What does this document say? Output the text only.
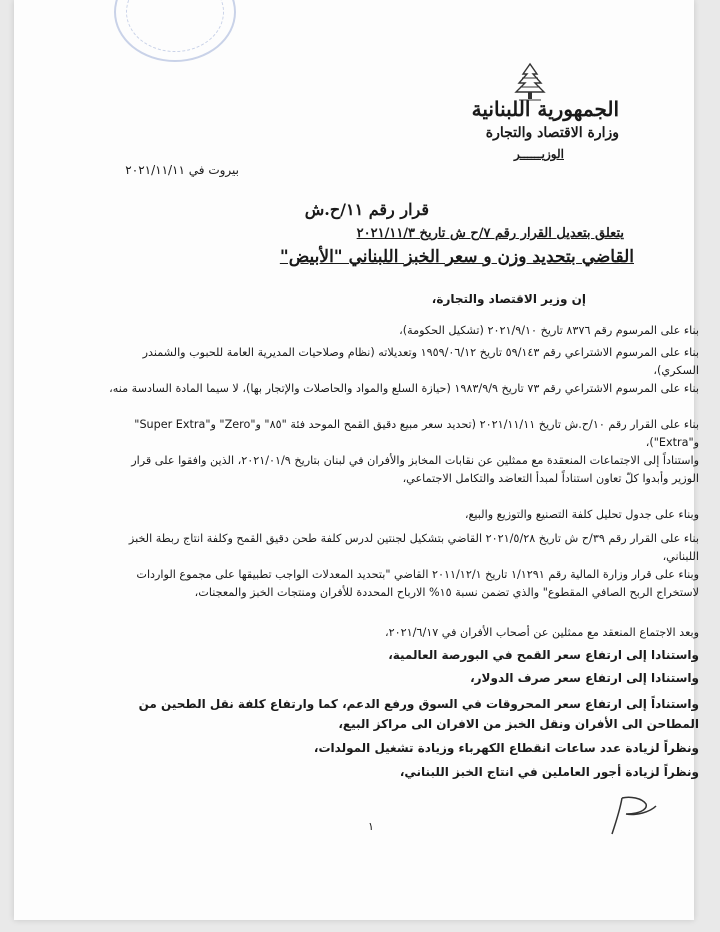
الجمهورية اللبنانية
وزارة الاقتصاد والتجارة
الوزيــــــر
بيروت في ٢٠٢١/١١/١١
قرار رقم ١١/ح.ش
يتعلق بتعديل القرار رقم ٧/ح ش تاريخ ٢٠٢١/١١/٣
القاضي بتحديد وزن و سعر الخبز اللبناني "الأبيض"
إن وزير الاقتصاد والتجارة،
بناء على المرسوم رقم ٨٣٧٦ تاريخ ٢٠٢١/٩/١٠ (تشكيل الحكومة)،
بناء على المرسوم الاشتراعي رقم ٥٩/١٤٣ تاريخ ١٩٥٩/٠٦/١٢ وتعديلاته (نظام وصلاحيات المديرية العامة للحبوب والشمندر السكري)،
بناء على المرسوم الاشتراعي رقم ٧٣ تاريخ ١٩٨٣/٩/٩ (حيازة السلع والمواد والحاصلات والإتجار بها)، لا سيما المادة السادسة منه،
بناء على القرار رقم ١٠/ح.ش تاريخ ٢٠٢١/١١/١١ (تحديد سعر مبيع دقيق القمح الموحد فئة "٨٥" و"Zero" و"Super Extra" و"Extra")،
واستناداً إلى الاجتماعات المنعقدة مع ممثلين عن نقابات المخابز والأفران في لبنان بتاريخ ٢٠٢١/٠١/٩، الذين وافقوا على قرار الوزير وأبدوا كلّ تعاون استناداً لمبدأ التعاضد والتكامل الاجتماعي،
وبناء على جدول تحليل كلفة التصنيع والتوزيع والبيع،
بناء على القرار رقم ٣٩/ح ش تاريخ ٢٠٢١/٥/٢٨ القاضي بتشكيل لجنتين لدرس كلفة طحن دقيق القمح وكلفة انتاج ربطة الخبز اللبناني،
وبناء على قرار وزارة المالية رقم ١/١٢٩١ تاريخ ٢٠١١/١٢/١ القاضي "بتحديد المعدلات الواجب تطبيقها على مجموع الواردات لاستخراج الربح الصافي المقطوع" والذي تضمن نسبة ١٥% الارباح المحددة للأفران ومنتجات الخبز والمعجنات،
وبعد الاجتماع المنعقد مع ممثلين عن أصحاب الأفران في ٢٠٢١/٦/١٧،
واستنادا إلى ارتفاع سعر القمح في البورصة العالمية،
واستنادا إلى ارتفاع سعر صرف الدولار،
واستناداً إلى ارتفاع سعر المحروقات في السوق ورفع الدعم، كما وارتفاع كلفة نقل الطحين من المطاحن الى الأفران ونقل الخبز من الافران الى مراكز البيع،
ونظراً لزيادة عدد ساعات انقطاع الكهرباء وزيادة تشغيل المولدات،
ونظراً لزيادة أجور العاملين في انتاج الخبز اللبناني،
١
